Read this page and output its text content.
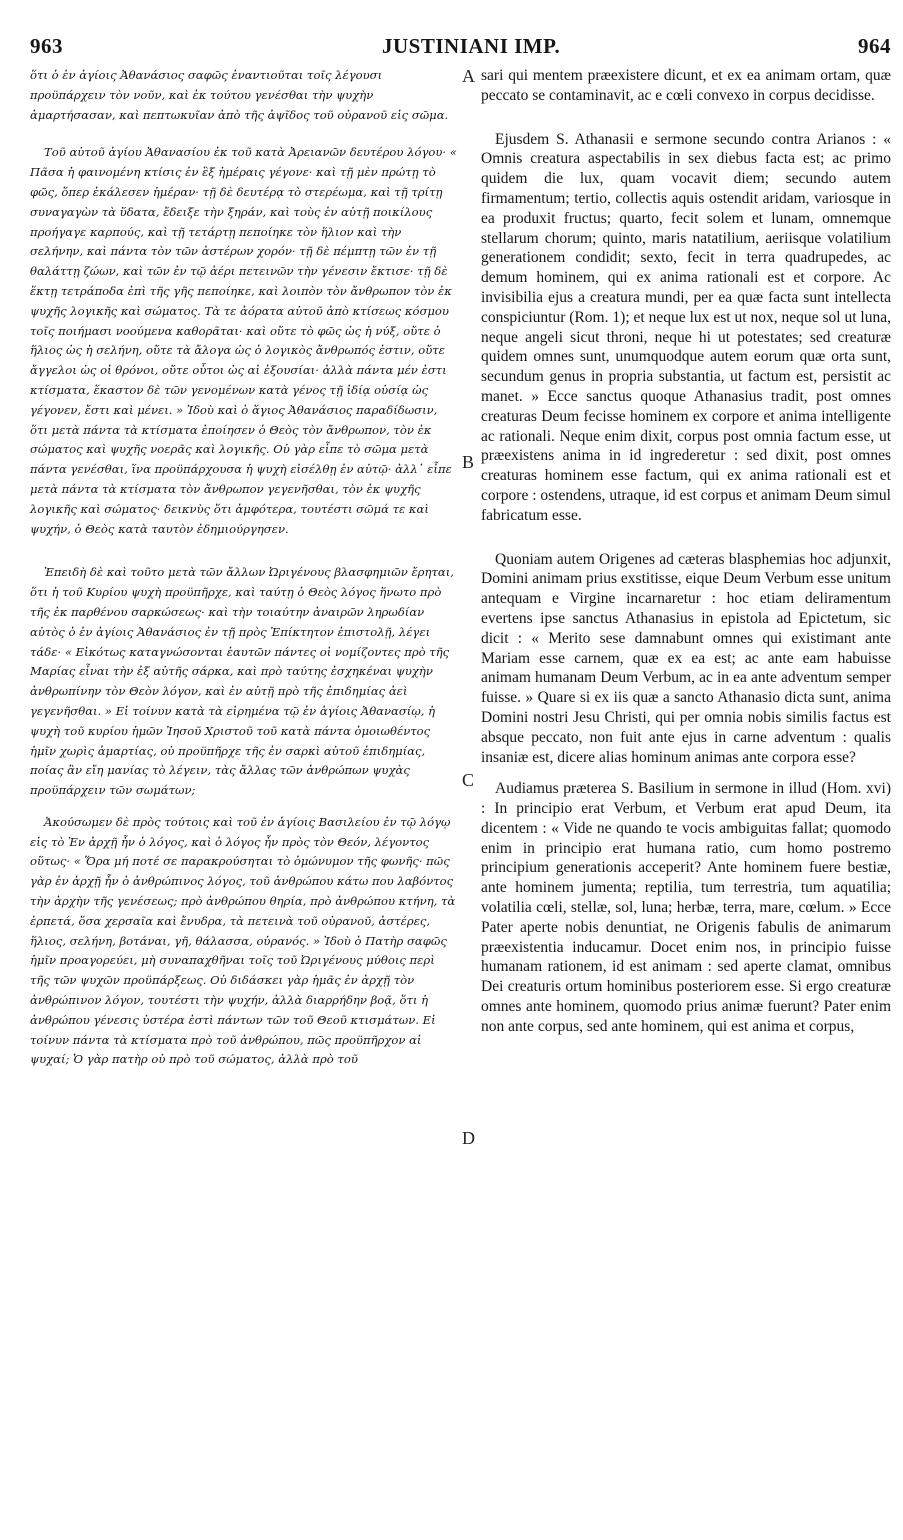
963	JUSTINIANI IMP.	964

ὅτι ὁ ἐν ἁγίοις Ἀθανάσιος σαφῶς ἐναντιοῦται τοῖς λέγουσι προϋπάρχειν τὸν νοῦν, καὶ ἐκ τούτου γενέσθαι τὴν ψυχὴν ἁμαρτήσασαν, καὶ πεπτωκυῖαν ἀπὸ τῆς ἀψῖδος τοῦ οὐρανοῦ εἰς σῶμα.

Τοῦ αὐτοῦ ἁγίου Ἀθανασίου ἐκ τοῦ κατὰ Ἀρειανῶν δευτέρου λόγου· « Πᾶσα ἡ φαινομένη κτίσις ἐν ἓξ ἡμέραις γέγονε· καὶ τῇ μὲν πρώτῃ τὸ φῶς, ὅπερ ἐκάλεσεν ἡμέραν· τῇ δὲ δευτέρᾳ τὸ στερέωμα, καὶ τῇ τρίτῃ συναγαγὼν τὰ ὕδατα, ἔδειξε τὴν ξηράν, καὶ τοὺς ἐν αὐτῇ ποικίλους προήγαγε καρπούς, καὶ τῇ τετάρτῃ πεποίηκε τὸν ἥλιον καὶ τὴν σελήνην, καὶ πάντα τὸν τῶν ἀστέρων χορόν· τῇ δὲ πέμπτῃ τῶν ἐν τῇ θαλάττῃ ζώων, καὶ τῶν ἐν τῷ ἀέρι πετεινῶν τὴν γένεσιν ἔκτισε· τῇ δὲ ἕκτῃ τετράποδα ἐπὶ τῆς γῆς πεποίηκε, καὶ λοιπὸν τὸν ἄνθρωπον τὸν ἐκ ψυχῆς λογικῆς καὶ σώματος. Τὰ τε ἀόρατα αὐτοῦ ἀπὸ κτίσεως κόσμου τοῖς ποιήμασι νοούμενα καθορᾶται· καὶ οὔτε τὸ φῶς ὡς ἡ νύξ, οὔτε ὁ ἥλιος ὡς ἡ σελήνη, οὔτε τὰ ἄλογα ὡς ὁ λογικὸς ἄνθρωπός ἐστιν, οὔτε ἄγγελοι ὡς οἱ θρόνοι, οὔτε οὗτοι ὡς αἱ ἐξουσίαι· ἀλλὰ πάντα μέν ἐστι κτίσματα, ἕκαστον δὲ τῶν γενομένων κατὰ γένος τῇ ἰδίᾳ οὐσίᾳ ὡς γέγονεν, ἔστι καὶ μένει. » Ἰδοὺ καὶ ὁ ἅγιος Ἀθανάσιος παραδίδωσιν, ὅτι μετὰ πάντα τὰ κτίσματα ἐποίησεν ὁ Θεὸς τὸν ἄνθρωπον, τὸν ἐκ σώματος καὶ ψυχῆς νοερᾶς καὶ λογικῆς. Οὐ γὰρ εἶπε τὸ σῶμα μετὰ πάντα γενέσθαι, ἵνα προϋπάρχουσα ἡ ψυχὴ εἰσέλθῃ ἐν αὐτῷ· ἀλλ᾽ εἶπε μετὰ πάντα τὰ κτίσματα τὸν ἄνθρωπον γεγενῆσθαι, τὸν ἐκ ψυχῆς λογικῆς καὶ σώματος· δεικνὺς ὅτι ἀμφότερα, τουτέστι σῶμά τε καὶ ψυχήν, ὁ Θεὸς κατὰ ταυτὸν ἐδημιούργησεν.

Ἐπειδὴ δὲ καὶ τοῦτο μετὰ τῶν ἄλλων Ὠριγένους βλασφημιῶν ἔρηται, ὅτι ἡ τοῦ Κυρίου ψυχὴ προϋπῆρχε, καὶ ταύτῃ ὁ Θεὸς λόγος ἥνωτο πρὸ τῆς ἐκ παρθένου σαρκώσεως· καὶ τὴν τοιαύτην ἀναιρῶν ληρωδίαν αὐτὸς ὁ ἐν ἁγίοις Ἀθανάσιος ἐν τῇ πρὸς Ἐπίκτητον ἐπιστολῇ, λέγει τάδε· « Εἰκότως καταγνώσονται ἑαυτῶν πάντες οἱ νομίζοντες πρὸ τῆς Μαρίας εἶναι τὴν ἐξ αὐτῆς σάρκα, καὶ πρὸ ταύτης ἐσχηκέναι ψυχὴν ἀνθρωπίνην τὸν Θεὸν λόγον, καὶ ἐν αὐτῇ πρὸ τῆς ἐπιδημίας ἀεὶ γεγενῆσθαι. » Εἰ τοίνυν κατὰ τὰ εἰρημένα τῷ ἐν ἁγίοις Ἀθανασίῳ, ἡ ψυχὴ τοῦ κυρίου ἡμῶν Ἰησοῦ Χριστοῦ τοῦ κατὰ πάντα ὁμοιωθέντος ἡμῖν χωρὶς ἁμαρτίας, οὐ προϋπῆρχε τῆς ἐν σαρκὶ αὐτοῦ ἐπιδημίας, ποίας ἂν εἴη μανίας τὸ λέγειν, τὰς ἄλλας τῶν ἀνθρώπων ψυχὰς προϋπάρχειν τῶν σωμάτων;

Ἀκούσωμεν δὲ πρὸς τούτοις καὶ τοῦ ἐν ἁγίοις Βασιλείου ἐν τῷ λόγῳ εἰς τὸ Ἐν ἀρχῇ ἦν ὁ λόγος, καὶ ὁ λόγος ἦν πρὸς τὸν Θεόν, λέγοντος οὕτως· « Ὅρα μή ποτέ σε παρακρούσηται τὸ ὁμώνυμον τῆς φωνῆς· πῶς γὰρ ἐν ἀρχῇ ἦν ὁ ἀνθρώπινος λόγος, τοῦ ἀνθρώπου κάτω που λαβόντος τὴν ἀρχὴν τῆς γενέσεως; πρὸ ἀνθρώπου θηρία, πρὸ ἀνθρώπου κτήνη, τὰ ἑρπετά, ὅσα χερσαῖα καὶ ἔνυδρα, τὰ πετεινὰ τοῦ οὐρανοῦ, ἀστέρες, ἥλιος, σελήνη, βοτάναι, γῆ, θάλασσα, οὐρανός. » Ἰδοὺ ὁ Πατὴρ σαφῶς ἡμῖν προαγορεύει, μὴ συναπαχθῆναι τοῖς τοῦ Ὠριγένους μύθοις περὶ τῆς τῶν ψυχῶν προϋπάρξεως. Οὐ διδάσκει γὰρ ἡμᾶς ἐν ἀρχῇ τὸν ἀνθρώπινον λόγον, τουτέστι τὴν ψυχήν, ἀλλὰ διαρρήδην βοᾷ, ὅτι ἡ ἀνθρώπου γένεσις ὑστέρα ἐστὶ πάντων τῶν τοῦ Θεοῦ κτισμάτων. Εἰ τοίνυν πάντα τὰ κτίσματα πρὸ τοῦ ἀνθρώπου, πῶς προϋπῆρχον αἱ ψυχαί; Ὁ γὰρ πατὴρ οὐ πρὸ τοῦ σώματος, ἀλλὰ πρὸ τοῦ

A
B
C
D

sari qui mentem præexistere dicunt, et ex ea animam ortam, quæ peccato se contaminavit, ac e cœli convexo in corpus decidisse.

Ejusdem S. Athanasii e sermone secundo contra Arianos : « Omnis creatura aspectabilis in sex diebus facta est; ac primo quidem die lux, quam vocavit diem; secundo autem firmamentum; tertio, collectis aquis ostendit aridam, variosque in ea produxit fructus; quarto, fecit solem et lunam, omnemque stellarum chorum; quinto, maris natatilium, aeriisque volatilium generationem condidit; sexto, fecit in terra quadrupedes, ac demum hominem, qui ex anima rationali est et corpore. Ac invisibilia ejus a creatura mundi, per ea quæ facta sunt intellecta conspiciuntur (Rom. 1); et neque lux est ut nox, neque sol ut luna, neque angeli sicut throni, neque hi ut potestates; sed creaturæ quidem omnes sunt, unumquodque autem eorum quæ orta sunt, secundum genus in propria substantia, ut factum est, persistit ac manet. » Ecce sanctus quoque Athanasius tradit, post omnes creaturas Deum fecisse hominem ex corpore et anima intelligente ac rationali. Neque enim dixit, corpus post omnia factum esse, ut præexistens anima in id ingrederetur : sed dixit, post omnes creaturas hominem esse factum, qui ex anima rationali est et corpore : ostendens, utraque, id est corpus et animam Deum simul fabricatum esse.

Quoniam autem Origenes ad cæteras blasphemias hoc adjunxit, Domini animam prius exstitisse, eique Deum Verbum esse unitum antequam e Virgine incarnaretur : hoc etiam deliramentum evertens ipse sanctus Athanasius in epistola ad Epictetum, sic dicit : « Merito sese damnabunt omnes qui existimant ante Mariam esse carnem, quæ ex ea est; ac ante eam habuisse animam humanam Deum Verbum, ac in ea ante adventum semper fuisse. » Quare si ex iis quæ a sancto Athanasio dicta sunt, anima Domini nostri Jesu Christi, qui per omnia nobis similis factus est absque peccato, non fuit ante ejus in carne adventum : qualis insaniæ est, dicere alias hominum animas ante corpora esse?

Audiamus præterea S. Basilium in sermone in illud (Hom. xvi) : In principio erat Verbum, et Verbum erat apud Deum, ita dicentem : « Vide ne quando te vocis ambiguitas fallat; quomodo enim in principio erat humana ratio, cum homo postremo principium generationis acceperit? Ante hominem fuere bestiæ, ante hominem jumenta; reptilia, tum terrestria, tum aquatilia; volatilia cœli, stellæ, sol, luna; herbæ, terra, mare, cœlum. » Ecce Pater aperte nobis denuntiat, ne Origenis fabulis de animarum præexistentia inducamur. Docet enim nos, in principio fuisse humanam rationem, id est animam : sed aperte clamat, omnibus Dei creaturis ortum hominibus posteriorem esse. Si ergo creaturæ omnes ante hominem, quomodo prius animæ fuerunt? Pater enim non ante corpus, sed ante hominem, qui est anima et corpus,
